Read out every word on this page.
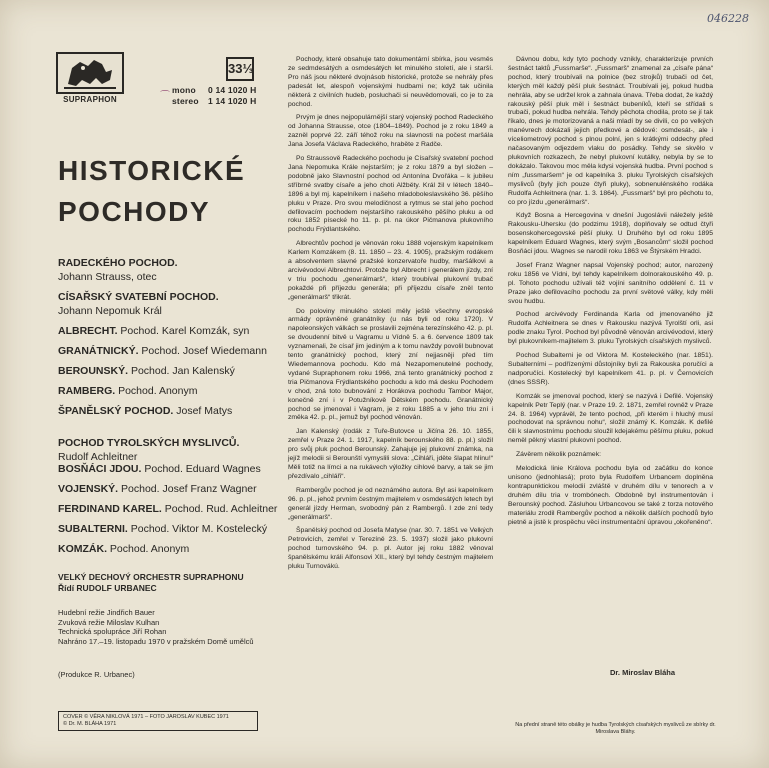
046228
SUPRAPHON
33⅓
⌒
mono 0 14 1020 H
stereo 1 14 1020 H
HISTORICKÉ
POCHODY
RADECKÉHO POCHOD.
Johann Strauss, otec
CÍSAŘSKÝ SVATEBNÍ POCHOD.
Johann Nepomuk Král
ALBRECHT. Pochod. Karel Komzák, syn
GRANÁTNICKÝ. Pochod. Josef Wiedemann
BEROUNSKÝ. Pochod. Jan Kalenský
RAMBERG. Pochod. Anonym
ŠPANĚLSKÝ POCHOD. Josef Matys
POCHOD TYROLSKÝCH MYSLIVCŮ.
Rudolf Achleitner
BOSŇÁCI JDOU. Pochod. Eduard Wagnes
VOJENSKÝ. Pochod. Josef Franz Wagner
FERDINAND KAREL. Pochod. Rud. Achleitner
SUBALTERNI. Pochod. Viktor M. Kostelecký
KOMZÁK. Pochod. Anonym
VELKÝ DECHOVÝ ORCHESTR SUPRAPHONU
Řídí RUDOLF URBANEC
Hudební režie Jindřich Bauer
Zvuková režie Miloslav Kulhan
Technická spolupráce Jiří Rohan
Nahráno 17.–19. listopadu 1970 v pražském Domě umělců
(Produkce R. Urbanec)
COVER © VĚRA NIKLOVÁ 1971 – FOTO JAROSLAV KUBEC 1971
© Dr. M. BLÁHA 1971

Pochody, které obsahuje tato dokumentární sbírka, jsou vesměs ze sedmdesátých a osmdesátých let minulého století, ale i starší. Pro náš jsou některé dvojnásob historické, protože se nehrály přes padesát let, alespoň vojenskými hudbami ne; když tak učinila některá z civilních hudeb, posluchači si neuvědomovali, co je to za pochod.

Prvým je dnes nejpopulárnější starý vojenský pochod Radeckého od Johanna Strausse, otce (1804–1849). Pochod je z roku 1849 a zazněl poprvé 22. září téhož roku na slavnosti na počest maršála Jana Josefa Václava Radeckého, hraběte z Radče.

Po Straussově Radeckého pochodu je Císařský svatební pochod Jana Nepomuka Krále nejstarším; je z roku 1879 a byl složen – podobně jako Slavnostní pochod od Antonína Dvořáka – k jubileu stříbrné svatby císaře a jeho choti Alžběty. Král žil v létech 1840–1896 a byl mj. kapelníkem i našeho mladoboleslavského 36. pěšího pluku v Praze. Pro svou melodičnost a rytmus se stal jeho pochod defilovacím pochodem nejstaršího rakouského pěšího pluku a od roku 1852 písecké ho 11. p. pl. na úkor Pičmanova plukovního pochodu Frýdlantského.

Albrechtův pochod je věnován roku 1888 vojenským kapelníkem Karlem Komzákem (8. 11. 1850 – 23. 4. 1905), pražským rodákem a absolventem slavné pražské konzervatoře hudby, maršálkovi a arcivévodovi Albrechtovi. Protože byl Albrecht i generálem jízdy, zní v triu pochodu „generálmarš“, který troubíval plukovní trubač pokaždé při příjezdu generála; při příjezdu císaře zněl tento „generálmarš“ třikrát.

Do poloviny minulého století měly ještě všechny evropské armády oprávněné granátníky (u nás byli od roku 1720). V napoleonských válkách se proslavili zejména terezínského 42. p. pl. se dvoudenní bitvě u Vagramu u Vídně 5. a 6. července 1809 tak vyznamenali, že císař jim jediným a k tomu navždy povolil bubnovat tento granátnický pochod, který zní nejjasněji před tím Wiedemannova pochodu. Kdo má Nezapomenutelné pochody, vydané Supraphonem roku 1966, zná tento granátnický pochod z tria Pičmanova Frýdlantského pochodu a kdo má desku Pochodem v chod, zná toto bubnování z Horákova pochodu Tambor Major, konečně zní i v Potužníkově Dětském pochodu. Granátnický pochod se jmenoval i Vagram, je z roku 1885 a v jeho triu zní i změka 42. p. pl., jemuž byl pochod věnován.

Jan Kalenský (rodák z Tuře-Butovce u Jičína 26. 10. 1855, zemřel v Praze 24. 1. 1917, kapelník berounského 88. p. pl.) složil pro svůj pluk pochod Berounský. Zahajuje jej plukovní známka, na jejíž melodii si Berounští vymyslili slova: „Cihláři, jděte šlapat hlínu!“ Měli totiž na límci a na rukávech výložky cihlové barvy, a tak se jim přezdívalo „cihláři“.

Rambergův pochod je od neznámého autora. Byl asi kapelníkem 96. p. pl., jehož prvním čestným majitelem v osmdesátých letech byl generál jízdy Herman, svobodný pán z Rambergů. I zde zní tedy „generálmarš“.

Španělský pochod od Josefa Matyse (nar. 30. 7. 1851 ve Velkých Petrovicích, zemřel v Terezíně 23. 5. 1937) složil jako plukovní pochod turnovského 94. p. pl. Autor jej roku 1882 věnoval španělskému králi Alfonsovi XII., který byl tehdy čestným majitelem pluku Turnovákú.

Dávnou dobu, kdy tyto pochody vznikly, charakterizuje prvních šestnáct taktů „Fussmarše“. „Fussmarš“ znamenal za „císaře pána“ pochod, který troubívali na polnice (bez strojků) trubači od čet, kterých měl každý pěší pluk šestnáct. Troubívali jej, pokud hudba nehrála, aby se udržel krok a zahnala únava. Třeba dodat, že každý rakouský pěší pluk měl i šestnáct bubeníků, kteří se střídali s trubači, pokud hudba nehrála. Tehdy pěchota chodila, proto se jí tak říkalo, dnes je motorizovaná a naši mladí by se divili, co po velkých manévrech dokázali jejich předkové a dědové: osmdesát-, ale i víceliometrový pochod s plnou polní, jen s krátkými oddechy před načasovaným odjezdem vlaku do posádky. Tehdy se skvělo v plukovních rozkazech, že nebyl plukovní kutálky, nebyla by se to dokázalo. Takovou moc měla kdysi vojenská hudba. První pochod s ním „fussmaršem“ je od kapelníka 3. pluku Tyrolských císařských myslivců (byly jich pouze čtyři pluky), sobnenulénského rodáka Rudolfa Achleitnera (nar. 1. 3. 1864). „Fussmarš“ byl pro pěchotu to, co pro jízdu „generálmarš“.

Když Bosna a Hercegovina v dnešní Jugoslávii náležely ještě Rakousku-Uhersku (do podzimu 1918), doplňovaly se odtud čtyři bosenskohercegovské pěší pluky. U Druhého byl od roku 1895 kapelníkem Eduard Wagnes, který svým „Bosancům“ složil pochod Bosňáci jdou. Wagnes se narodil roku 1863 ve Štýrském Hradci.

Josef Franz Wagner napsal Vojenský pochod; autor, narozený roku 1856 ve Vídni, byl tehdy kapelníkem dolnorakouského 49. p. pl. Tohoto pochodu užívali též vojíni sanitního oddělení č. 11 v Praze jako defilovacího pochodu za první světové války, kdy měli svou hudbu.

Pochod arcivévody Ferdinanda Karla od jmenovaného již Rudolfa Achleitnera se dnes v Rakousku nazývá Tyrolští orli, asi podle znaku Tyrol. Pochod byl původně věnován arcivévodovi, který byl plukovníkem-majitelem 3. pluku Tyrolských císařských myslivců.

Pochod Subalterni je od Viktora M. Kosteleckého (nar. 1851). Subalterními – podřízenými důstojníky byli za Rakouska poručíci a nadporučíci. Kostelecký byl kapelníkem 41. p. pl. v Černovicích (dnes SSSR).

Komzák se jmenoval pochod, který se nazývá i Defilé. Vojenský kapelník Petr Teplý (nar. v Praze 19. 2. 1871, zemřel rovněž v Praze 24. 8. 1964) vyprávěl, že tento pochod, „při kterém i hluchý musí pochodovat na správnou nohu“, složil známý K. Komzák. K defilé čili k slavnostnímu pochodu sloužil kdejakému pěšímu pluku, pokud neměl pěkný vlastní plukovní pochod.

Závěrem několik poznámek:

Melodická linie Králova pochodu byla od začátku do konce unisono (jednohlasá); proto byla Rudolfem Urbancem doplněna kontrapunktickou melodií zvláště v druhém dílu v tenorech a v druhém dílu tria v trombónech. Obdobně byl instrumentován i Berounský pochod. Zásluhou Urbancovou se také z torza notového materiálu zrodil Rambergův pochod a několik dalších pochodů bylo pietně a jistě k prospěchu věci instrumentační úpravou „okořeněno“.

Dr. Miroslav Bláha
Na přední straně této obálky je hudba Tyrolských císařských myslivců ze sbírky dr. Miroslava Bláhy.
